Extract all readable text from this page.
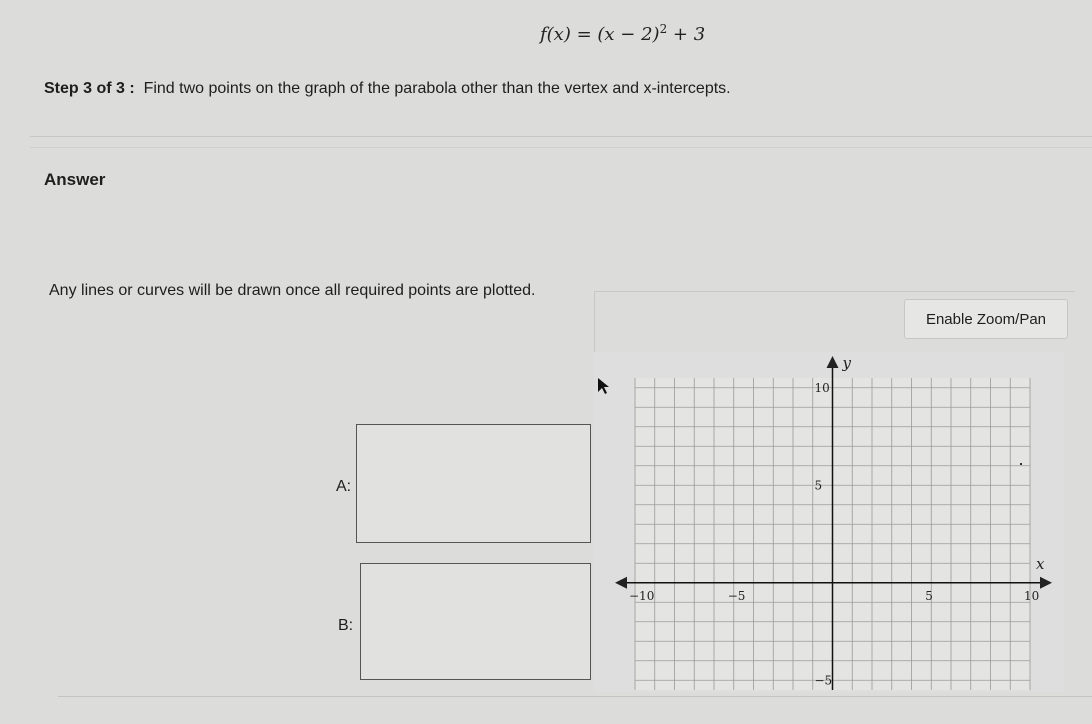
$f(x) = (x - 2)^2 + 3$
Step 3 of 3 : Find two points on the graph of the parabola other than the vertex and x-intercepts.
Answer
Any lines or curves will be drawn once all required points are plotted.
Enable Zoom/Pan
A:
B:
x
y
−10	−5	5	10
10
5
−5
